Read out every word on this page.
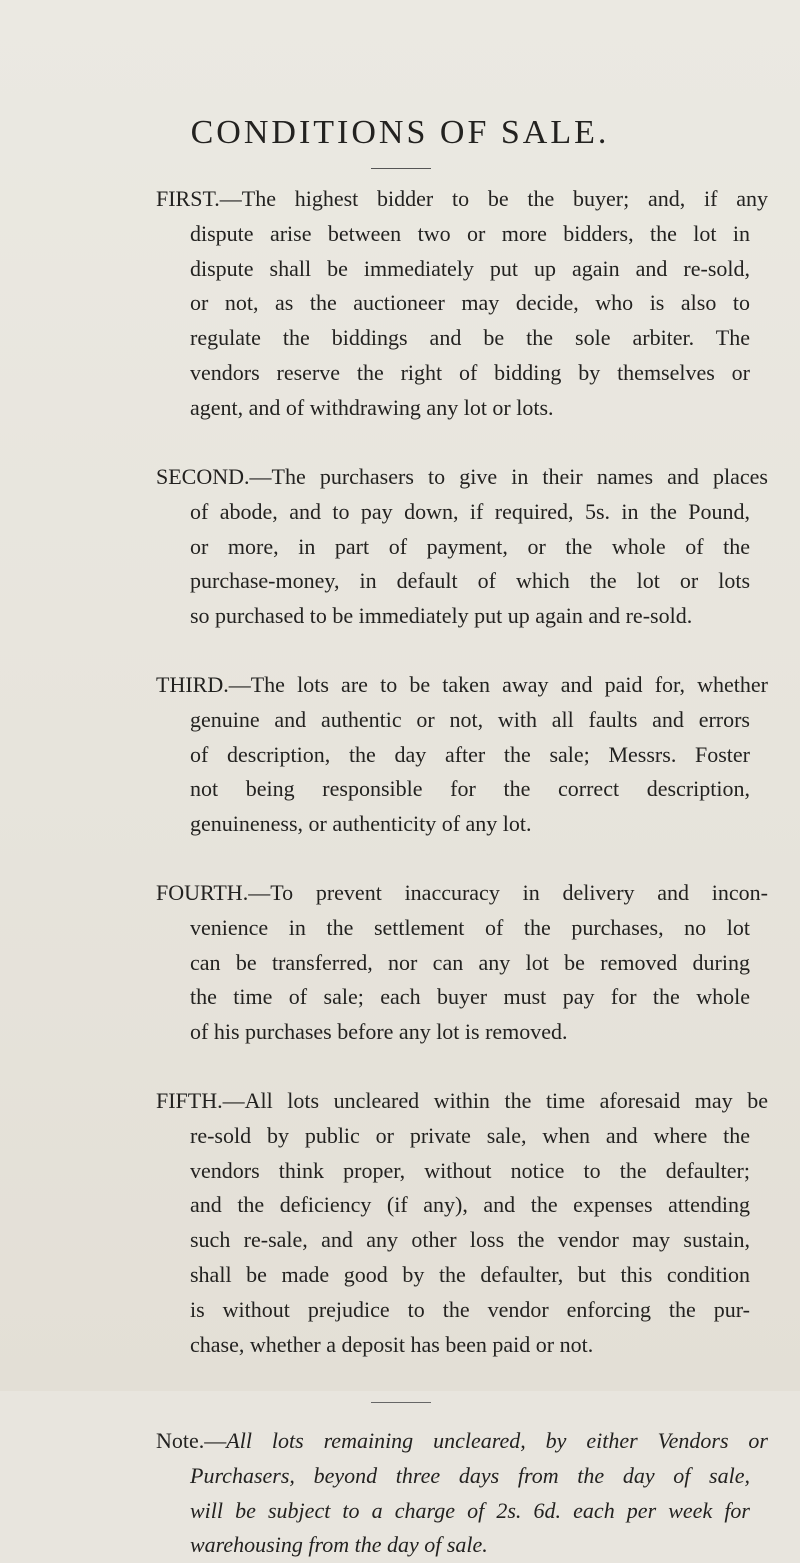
CONDITIONS OF SALE.

FIRST.—The highest bidder to be the buyer; and, if any
dispute arise between two or more bidders, the lot in
dispute shall be immediately put up again and re-sold,
or not, as the auctioneer may decide, who is also to
regulate the biddings and be the sole arbiter. The
vendors reserve the right of bidding by themselves or
agent, and of withdrawing any lot or lots.

SECOND.—The purchasers to give in their names and places
of abode, and to pay down, if required, 5s. in the Pound,
or more, in part of payment, or the whole of the
purchase-money, in default of which the lot or lots
so purchased to be immediately put up again and re-sold.

THIRD.—The lots are to be taken away and paid for, whether
genuine and authentic or not, with all faults and errors
of description, the day after the sale; Messrs. Foster
not being responsible for the correct description,
genuineness, or authenticity of any lot.

FOURTH.—To prevent inaccuracy in delivery and incon-
venience in the settlement of the purchases, no lot
can be transferred, nor can any lot be removed during
the time of sale; each buyer must pay for the whole
of his purchases before any lot is removed.

FIFTH.—All lots uncleared within the time aforesaid may be
re-sold by public or private sale, when and where the
vendors think proper, without notice to the defaulter;
and the deficiency (if any), and the expenses attending
such re-sale, and any other loss the vendor may sustain,
shall be made good by the defaulter, but this condition
is without prejudice to the vendor enforcing the pur-
chase, whether a deposit has been paid or not.

Note.—All lots remaining uncleared, by either Vendors or
Purchasers, beyond three days from the day of sale,
will be subject to a charge of 2s. 6d. each per week for
warehousing from the day of sale.
